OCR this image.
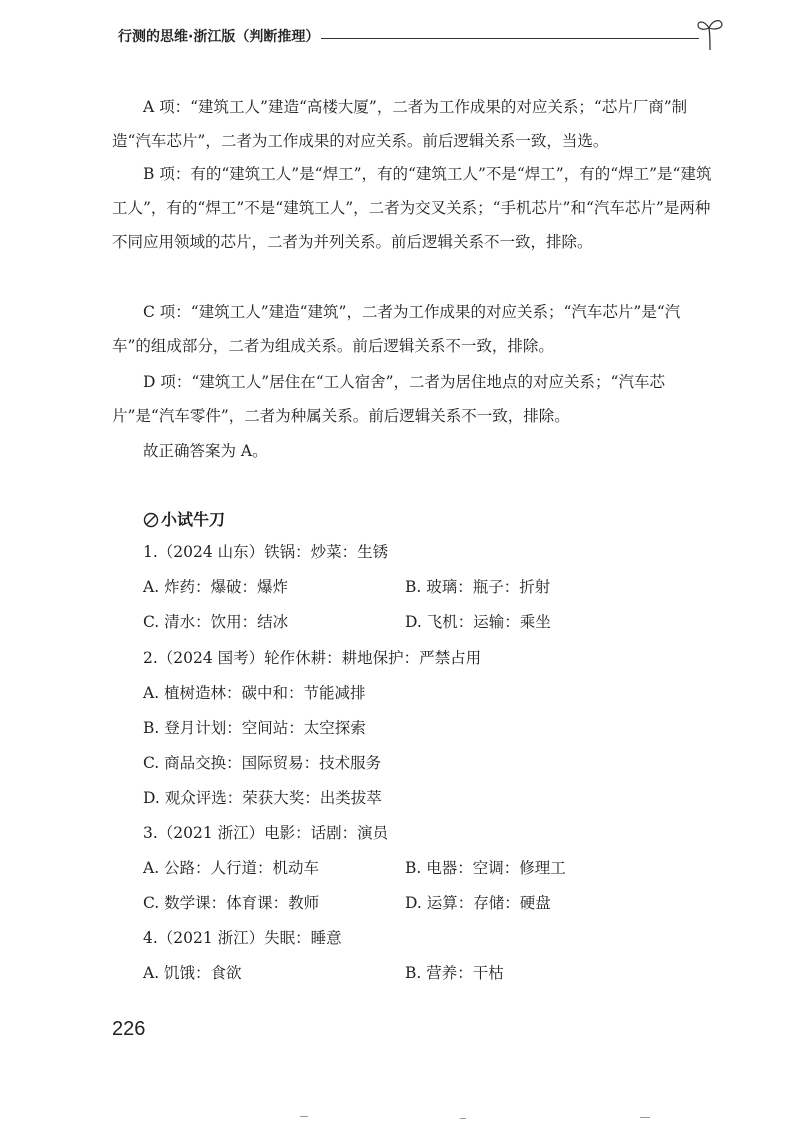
行测的思维·浙江版（判断推理）

A 项：“建筑工人”建造“高楼大厦”，二者为工作成果的对应关系；“芯片厂商”制造“汽车芯片”，二者为工作成果的对应关系。前后逻辑关系一致，当选。

B 项：有的“建筑工人”是“焊工”，有的“建筑工人”不是“焊工”，有的“焊工”是“建筑工人”，有的“焊工”不是“建筑工人”，二者为交叉关系；“手机芯片”和“汽车芯片”是两种不同应用领域的芯片，二者为并列关系。前后逻辑关系不一致，排除。

C 项：“建筑工人”建造“建筑”，二者为工作成果的对应关系；“汽车芯片”是“汽车”的组成部分，二者为组成关系。前后逻辑关系不一致，排除。

D 项：“建筑工人”居住在“工人宿舍”，二者为居住地点的对应关系；“汽车芯片”是“汽车零件”，二者为种属关系。前后逻辑关系不一致，排除。

故正确答案为 A。

小试牛刀
1.（2024 山东）铁锅：炒菜：生锈
A. 炸药：爆破：爆炸	B. 玻璃：瓶子：折射
C. 清水：饮用：结冰	D. 飞机：运输：乘坐
2.（2024 国考）轮作休耕：耕地保护：严禁占用
A. 植树造林：碳中和：节能减排
B. 登月计划：空间站：太空探索
C. 商品交换：国际贸易：技术服务
D. 观众评选：荣获大奖：出类拔萃
3.（2021 浙江）电影：话剧：演员
A. 公路：人行道：机动车	B. 电器：空调：修理工
C. 数学课：体育课：教师	D. 运算：存储：硬盘
4.（2021 浙江）失眠：睡意
A. 饥饿：食欲	B. 营养：干枯
226
